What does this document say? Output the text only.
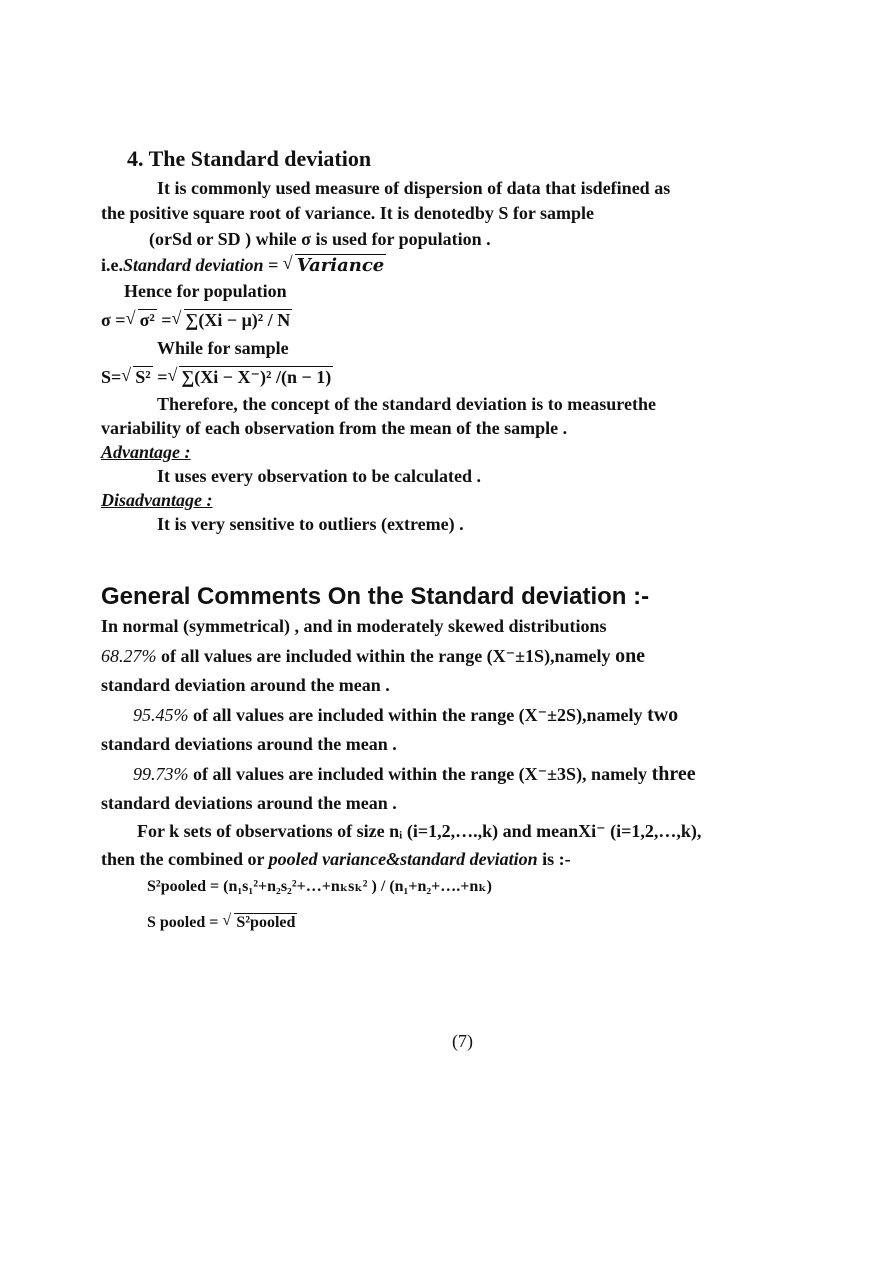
4. The Standard deviation
It is commonly used measure of dispersion of data that isdefined as
the positive square root of variance. It is denotedby S for sample
(orSd or SD ) while σ is used for population .
i.e.Standard deviation = √ Variance
Hence for population
σ = √ σ² = √ ∑(Xi − μ)² / N
While for sample
S= √ S² = √ ∑(Xi − X⁻)² /(n − 1)
Therefore, the concept of the standard deviation is to measurethe
variability of each observation from the mean of the sample .
Advantage :
It uses every observation to be calculated .
Disadvantage :
It is very sensitive to outliers (extreme) .
General Comments On the Standard deviation :-
In normal (symmetrical) , and in moderately skewed distributions
68.27% of all values are included within the range (X⁻±1S),namely one
standard deviation around the mean .
95.45% of all values are included within the range (X⁻±2S),namely two
standard deviations around the mean .
99.73% of all values are included within the range (X⁻±3S), namely three
standard deviations around the mean .
For k sets of observations of size nᵢ (i=1,2,….,k) and meanXi⁻ (i=1,2,…,k),
then the combined or pooled variance&standard deviation is :-
S²pooled = (n₁s₁²+n₂s₂²+…+nₖsₖ² ) / (n₁+n₂+….+nₖ)
S pooled = √ S²pooled
(7)
